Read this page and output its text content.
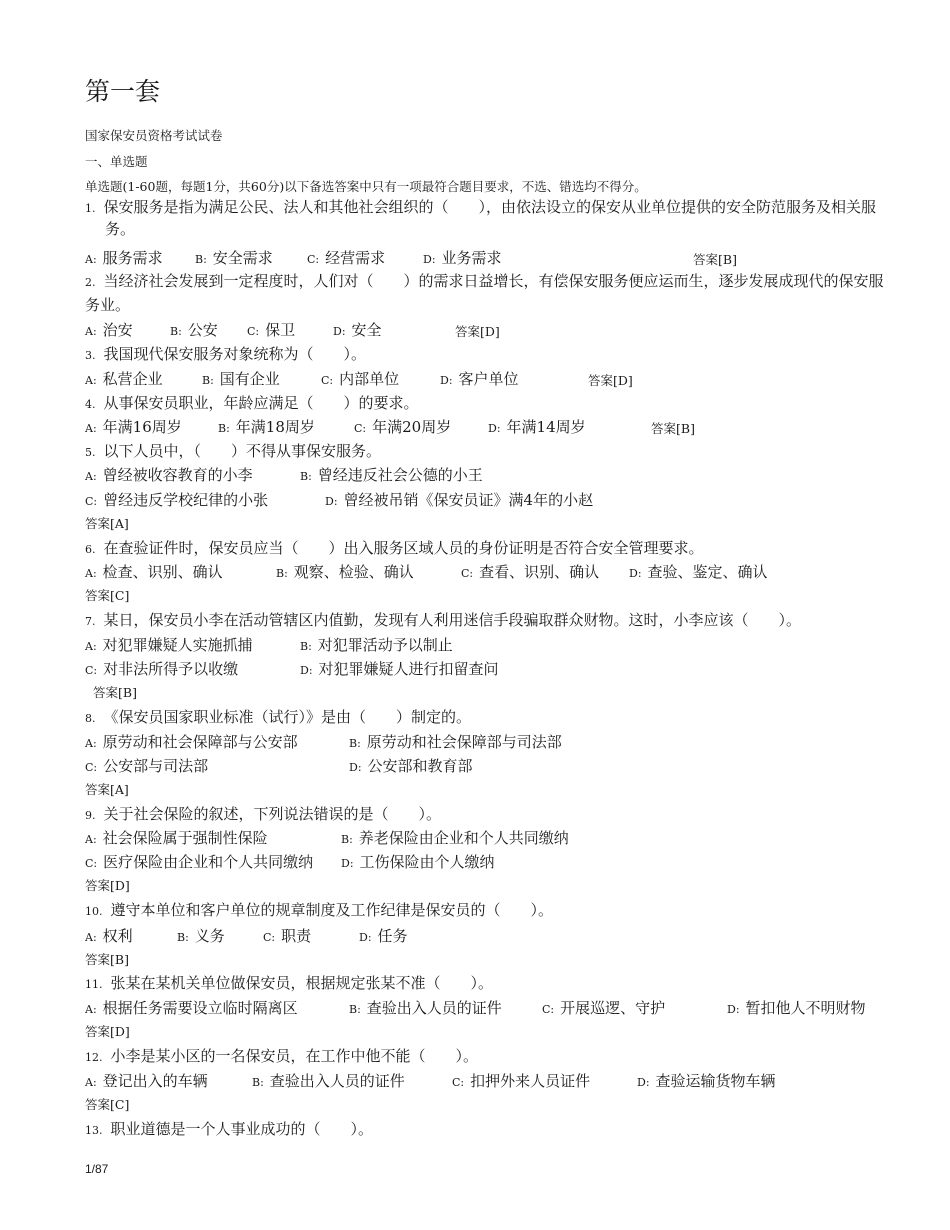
第一套
国家保安员资格考试试卷
一、单选题
单选题(1-60题，每题1分，共60分)以下备选答案中只有一项最符合题目要求，不选、错选均不得分。
1. 保安服务是指为满足公民、法人和其他社会组织的（　　），由依法设立的保安从业单位提供的安全防范服务及相关服务。
A: 服务需求	B: 安全需求	C: 经营需求	D: 业务需求	答案[B]
2. 当经济社会发展到一定程度时，人们对（　　）的需求日益增长，有偿保安服务便应运而生，逐步发展成现代的保安服务业。
A: 治安	B: 公安	C: 保卫	D: 安全	答案[D]
3. 我国现代保安服务对象统称为（　　）。
A: 私营企业	B: 国有企业	C: 内部单位	D: 客户单位	答案[D]
4. 从事保安员职业，年龄应满足（　　）的要求。
A: 年满16周岁	B: 年满18周岁	C: 年满20周岁	D: 年满14周岁	答案[B]
5. 以下人员中，（　　）不得从事保安服务。
A: 曾经被收容教育的小李	B: 曾经违反社会公德的小王
C: 曾经违反学校纪律的小张	D: 曾经被吊销《保安员证》满4年的小赵
答案[A]
6. 在查验证件时，保安员应当（　　）出入服务区域人员的身份证明是否符合安全管理要求。
A: 检查、识别、确认	B: 观察、检验、确认	C: 查看、识别、确认	D: 查验、鉴定、确认
答案[C]
7. 某日，保安员小李在活动管辖区内值勤，发现有人利用迷信手段骗取群众财物。这时，小李应该（　　）。
A: 对犯罪嫌疑人实施抓捕	B: 对犯罪活动予以制止
C: 对非法所得予以收缴	D: 对犯罪嫌疑人进行扣留查问
答案[B]
8. 《保安员国家职业标准（试行）》是由（　　）制定的。
A: 原劳动和社会保障部与公安部	B: 原劳动和社会保障部与司法部
C: 公安部与司法部	D: 公安部和教育部
答案[A]
9. 关于社会保险的叙述，下列说法错误的是（　　）。
A: 社会保险属于强制性保险	B: 养老保险由企业和个人共同缴纳
C: 医疗保险由企业和个人共同缴纳	D: 工伤保险由个人缴纳
答案[D]
10. 遵守本单位和客户单位的规章制度及工作纪律是保安员的（　　）。
A: 权利	B: 义务	C: 职责	D: 任务
答案[B]
11. 张某在某机关单位做保安员，根据规定张某不准（　　）。
A: 根据任务需要设立临时隔离区	B: 查验出入人员的证件	C: 开展巡逻、守护	D: 暂扣他人不明财物
答案[D]
12. 小李是某小区的一名保安员，在工作中他不能（　　）。
A: 登记出入的车辆	B: 查验出入人员的证件	C: 扣押外来人员证件	D: 查验运输货物车辆
答案[C]
13. 职业道德是一个人事业成功的（　　）。
1/87
